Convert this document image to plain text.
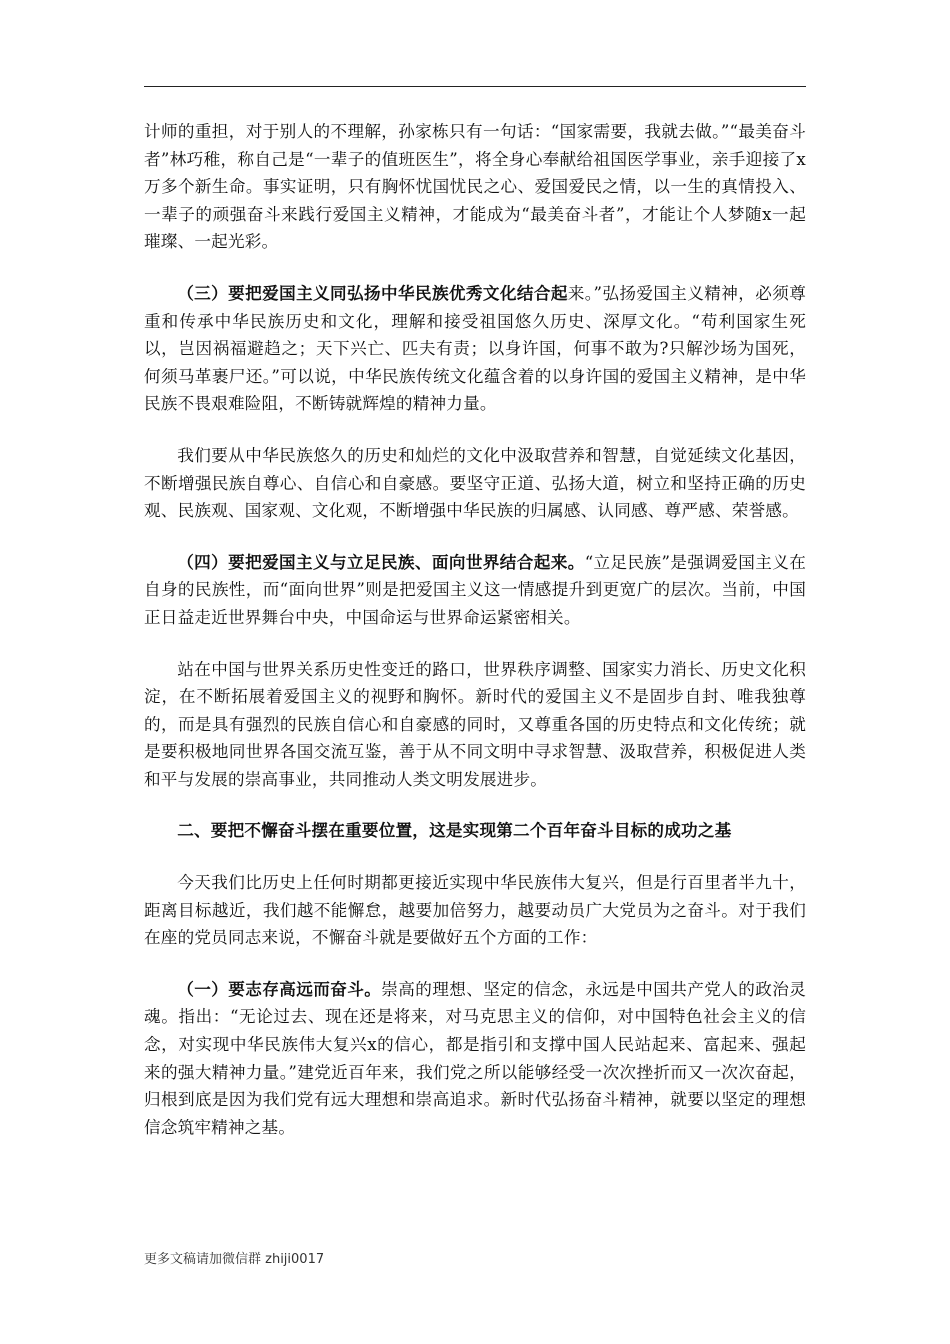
计师的重担，对于别人的不理解，孙家栋只有一句话：“国家需要，我就去做。”“最美奋斗者”林巧稚，称自己是“一辈子的值班医生”，将全身心奉献给祖国医学事业，亲手迎接了x万多个新生命。事实证明，只有胸怀忧国忧民之心、爱国爱民之情，以一生的真情投入、一辈子的顽强奋斗来践行爱国主义精神，才能成为“最美奋斗者”，才能让个人梦随x一起璀璨、一起光彩。

（三）要把爱国主义同弘扬中华民族优秀文化结合起来。”弘扬爱国主义精神，必须尊重和传承中华民族历史和文化，理解和接受祖国悠久历史、深厚文化。“苟利国家生死以，岂因祸福避趋之；天下兴亡、匹夫有责；以身许国，何事不敢为?只解沙场为国死，何须马革裹尸还。”可以说，中华民族传统文化蕴含着的以身许国的爱国主义精神，是中华民族不畏艰难险阻，不断铸就辉煌的精神力量。

我们要从中华民族悠久的历史和灿烂的文化中汲取营养和智慧，自觉延续文化基因，不断增强民族自尊心、自信心和自豪感。要坚守正道、弘扬大道，树立和坚持正确的历史观、民族观、国家观、文化观，不断增强中华民族的归属感、认同感、尊严感、荣誉感。

（四）要把爱国主义与立足民族、面向世界结合起来。“立足民族”是强调爱国主义在自身的民族性，而“面向世界”则是把爱国主义这一情感提升到更宽广的层次。当前，中国正日益走近世界舞台中央，中国命运与世界命运紧密相关。

站在中国与世界关系历史性变迁的路口，世界秩序调整、国家实力消长、历史文化积淀，在不断拓展着爱国主义的视野和胸怀。新时代的爱国主义不是固步自封、唯我独尊的，而是具有强烈的民族自信心和自豪感的同时，又尊重各国的历史特点和文化传统；就是要积极地同世界各国交流互鉴，善于从不同文明中寻求智慧、汲取营养，积极促进人类和平与发展的崇高事业，共同推动人类文明发展进步。

二、要把不懈奋斗摆在重要位置，这是实现第二个百年奋斗目标的成功之基

今天我们比历史上任何时期都更接近实现中华民族伟大复兴，但是行百里者半九十，距离目标越近，我们越不能懈怠，越要加倍努力，越要动员广大党员为之奋斗。对于我们在座的党员同志来说，不懈奋斗就是要做好五个方面的工作：

（一）要志存高远而奋斗。崇高的理想、坚定的信念，永远是中国共产党人的政治灵魂。指出：“无论过去、现在还是将来，对马克思主义的信仰，对中国特色社会主义的信念，对实现中华民族伟大复兴x的信心，都是指引和支撑中国人民站起来、富起来、强起来的强大精神力量。”建党近百年来，我们党之所以能够经受一次次挫折而又一次次奋起，归根到底是因为我们党有远大理想和崇高追求。新时代弘扬奋斗精神，就要以坚定的理想信念筑牢精神之基。

更多文稿请加微信群 zhiji0017
